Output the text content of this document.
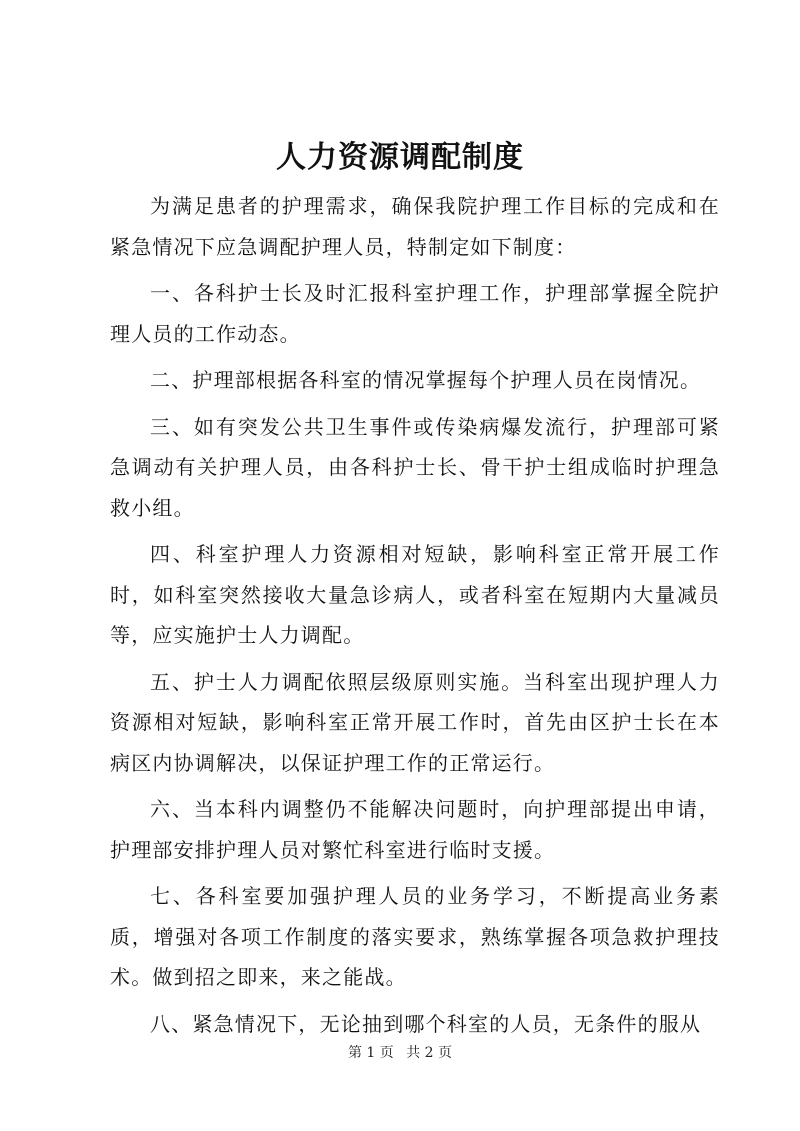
人力资源调配制度

为满足患者的护理需求，确保我院护理工作目标的完成和在紧急情况下应急调配护理人员，特制定如下制度：

一、各科护士长及时汇报科室护理工作，护理部掌握全院护理人员的工作动态。

二、护理部根据各科室的情况掌握每个护理人员在岗情况。

三、如有突发公共卫生事件或传染病爆发流行，护理部可紧急调动有关护理人员，由各科护士长、骨干护士组成临时护理急救小组。

四、科室护理人力资源相对短缺，影响科室正常开展工作时，如科室突然接收大量急诊病人，或者科室在短期内大量减员等，应实施护士人力调配。

五、护士人力调配依照层级原则实施。当科室出现护理人力资源相对短缺，影响科室正常开展工作时，首先由区护士长在本病区内协调解决，以保证护理工作的正常运行。

六、当本科内调整仍不能解决问题时，向护理部提出申请，护理部安排护理人员对繁忙科室进行临时支援。

七、各科室要加强护理人员的业务学习，不断提高业务素质，增强对各项工作制度的落实要求，熟练掌握各项急救护理技术。做到招之即来，来之能战。

八、紧急情况下，无论抽到哪个科室的人员，无条件的服从

第 1 页 共 2 页
